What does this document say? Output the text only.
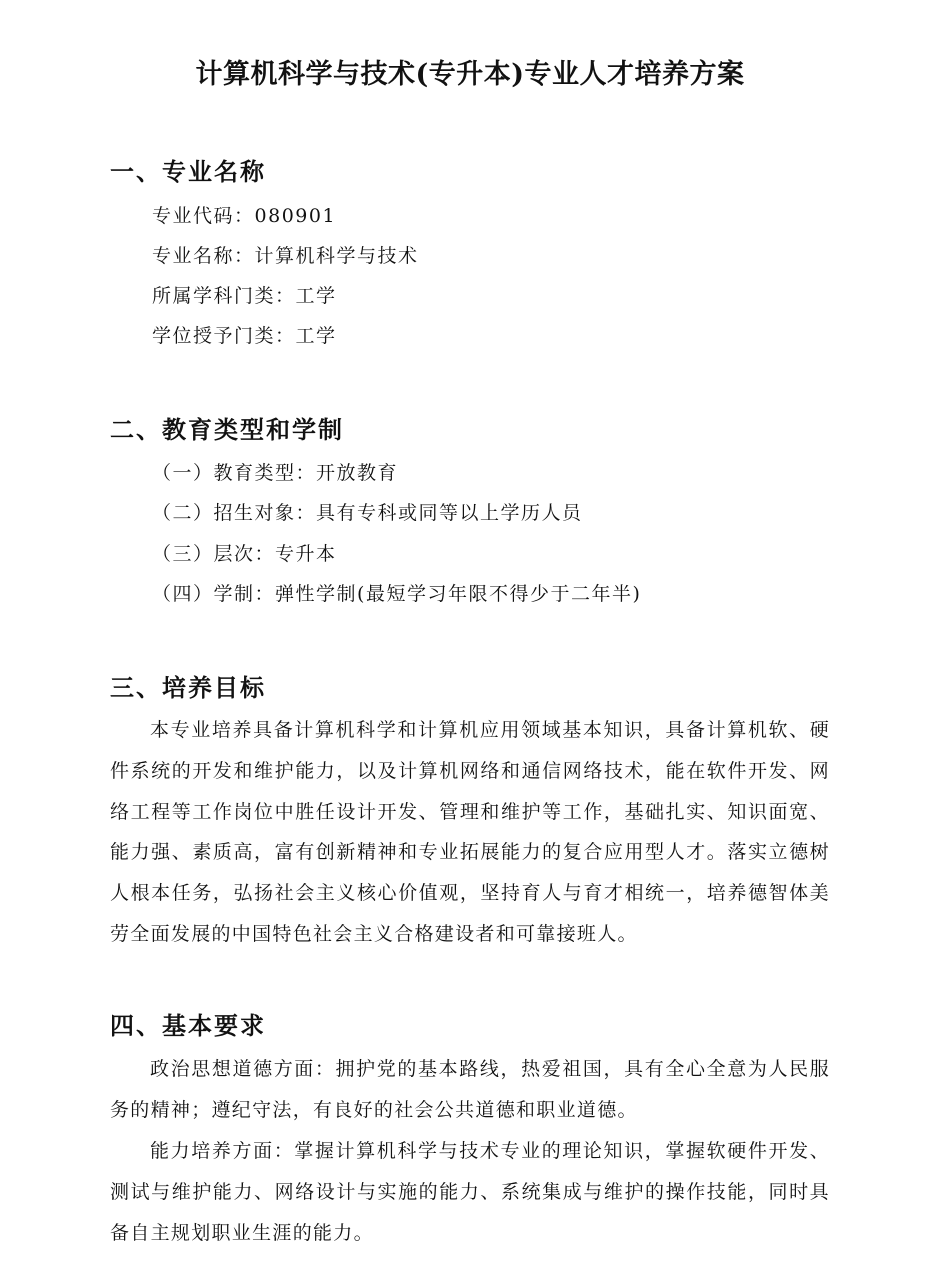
计算机科学与技术(专升本)专业人才培养方案
一、专业名称

专业代码：080901

专业名称：计算机科学与技术

所属学科门类：工学

学位授予门类：工学

二、教育类型和学制

（一）教育类型：开放教育

（二）招生对象：具有专科或同等以上学历人员

（三）层次：专升本

（四）学制：弹性学制(最短学习年限不得少于二年半)

三、培养目标

本专业培养具备计算机科学和计算机应用领域基本知识，具备计算机软、硬件系统的开发和维护能力，以及计算机网络和通信网络技术，能在软件开发、网络工程等工作岗位中胜任设计开发、管理和维护等工作，基础扎实、知识面宽、能力强、素质高，富有创新精神和专业拓展能力的复合应用型人才。落实立德树人根本任务，弘扬社会主义核心价值观，坚持育人与育才相统一，培养德智体美劳全面发展的中国特色社会主义合格建设者和可靠接班人。

四、基本要求

政治思想道德方面：拥护党的基本路线，热爱祖国，具有全心全意为人民服务的精神；遵纪守法，有良好的社会公共道德和职业道德。

能力培养方面：掌握计算机科学与技术专业的理论知识，掌握软硬件开发、测试与维护能力、网络设计与实施的能力、系统集成与维护的操作技能，同时具备自主规划职业生涯的能力。
